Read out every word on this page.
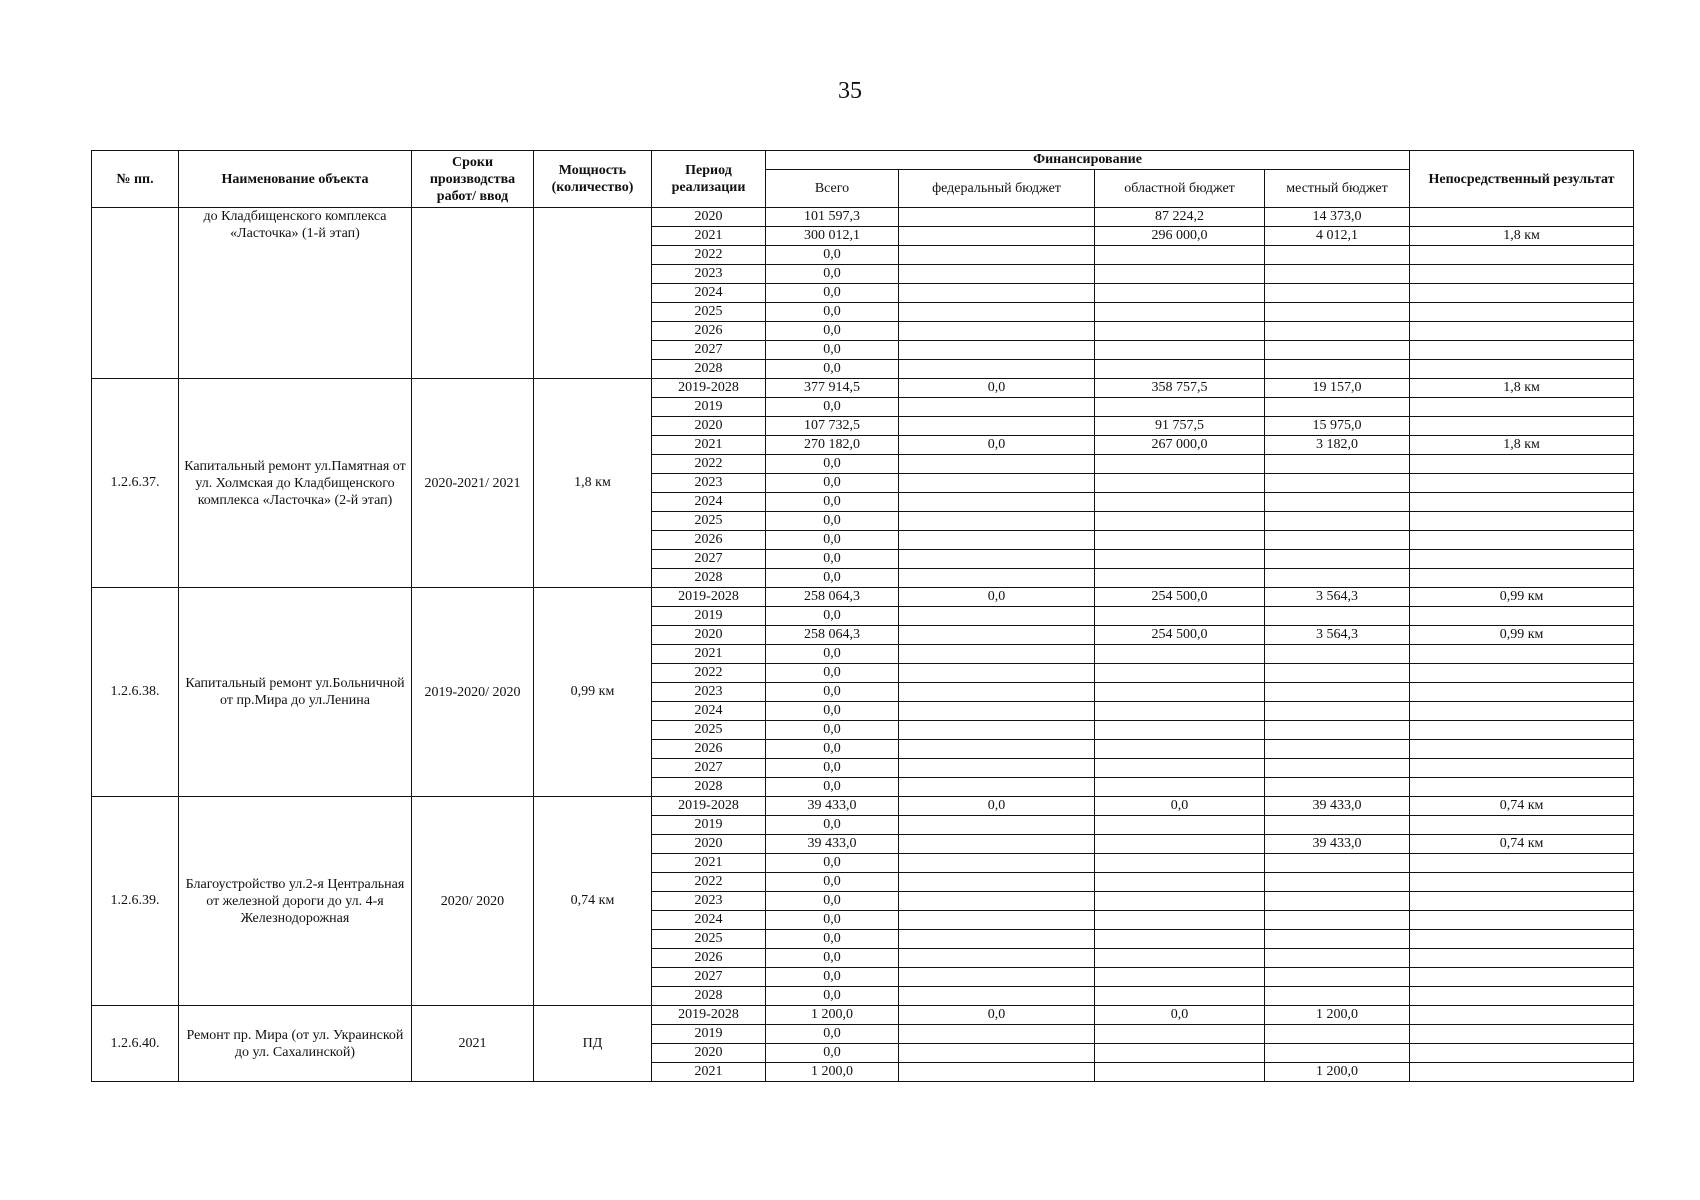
35
№ пп.	Наименование объекта	Сроки производства работ/ ввод	Мощность (количество)	Период реализации	Финансирование				Непосредственный результат
					Всего	федеральный бюджет	областной бюджет	местный бюджет	
	до Кладбищенского комплекса «Ласточка» (1-й этап)			2020	101 597,3		87 224,2	14 373,0	
				2021	300 012,1		296 000,0	4 012,1	1,8 км
				2022	0,0				
				2023	0,0				
				2024	0,0				
				2025	0,0				
				2026	0,0				
				2027	0,0				
				2028	0,0				
1.2.6.37.	Капитальный ремонт ул.Памятная от ул. Холмская до Кладбищенского комплекса «Ласточка» (2-й этап)	2020-2021/ 2021	1,8 км	2019-2028	377 914,5	0,0	358 757,5	19 157,0	1,8 км
				2019	0,0				
				2020	107 732,5		91 757,5	15 975,0	
				2021	270 182,0	0,0	267 000,0	3 182,0	1,8 км
				2022	0,0				
				2023	0,0				
				2024	0,0				
				2025	0,0				
				2026	0,0				
				2027	0,0				
				2028	0,0				
1.2.6.38.	Капитальный ремонт ул.Больничной от пр.Мира до ул.Ленина	2019-2020/ 2020	0,99 км	2019-2028	258 064,3	0,0	254 500,0	3 564,3	0,99 км
				2019	0,0				
				2020	258 064,3		254 500,0	3 564,3	0,99 км
				2021	0,0				
				2022	0,0				
				2023	0,0				
				2024	0,0				
				2025	0,0				
				2026	0,0				
				2027	0,0				
				2028	0,0				
1.2.6.39.	Благоустройство ул.2-я Центральная от железной дороги до ул. 4-я Железнодорожная	2020/ 2020	0,74 км	2019-2028	39 433,0	0,0	0,0	39 433,0	0,74 км
				2019	0,0				
				2020	39 433,0			39 433,0	0,74 км
				2021	0,0				
				2022	0,0				
				2023	0,0				
				2024	0,0				
				2025	0,0				
				2026	0,0				
				2027	0,0				
				2028	0,0				
1.2.6.40.	Ремонт пр. Мира (от ул. Украинской до ул. Сахалинской)	2021	ПД	2019-2028	1 200,0	0,0	0,0	1 200,0	
				2019	0,0				
				2020	0,0				
				2021	1 200,0			1 200,0	
